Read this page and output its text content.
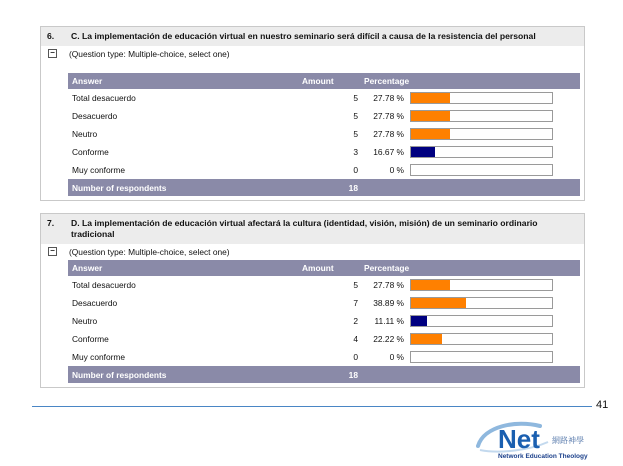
6.	C. La implementación de educación virtual en nuestro seminario será difícil a causa de la resistencia del personal
− (Question type: Multiple-choice, select one)
Answer	Amount	Percentage	
Total desacuerdo	5	27.78 %	

Desacuerdo	5	27.78 %	

Neutro	5	27.78 %	

Conforme	3	16.67 %	

Muy conforme	0	0 %	

Number of respondents	18		
7.	D. La implementación de educación virtual afectará la cultura (identidad, visión, misión) de un seminario ordinario tradicional
− (Question type: Multiple-choice, select one)
Answer	Amount	Percentage	
Total desacuerdo	5	27.78 %	

Desacuerdo	7	38.89 %	

Neutro	2	11.11 %	

Conforme	4	22.22 %	

Muy conforme	0	0 %	

Number of respondents	18		
41
Net 網路神學
Network Education Theology
